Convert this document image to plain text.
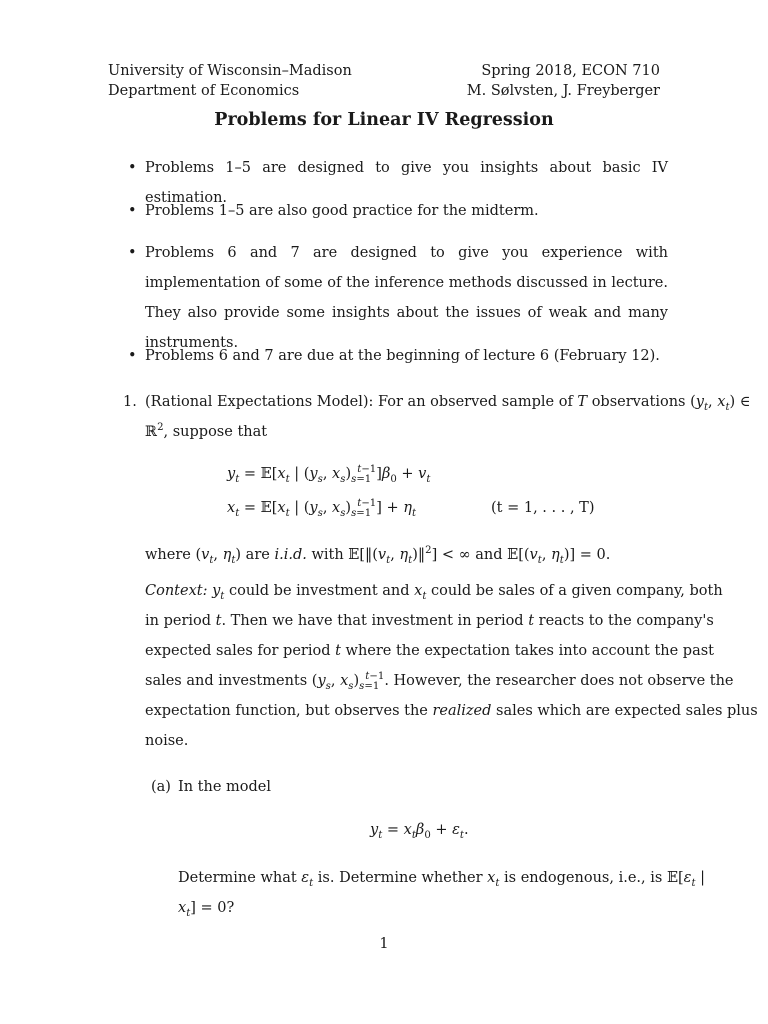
University of Wisconsin–Madison
Department of Economics
Spring 2018, ECON 710
M. Sølvsten, J. Freyberger
Problems for Linear IV Regression
• Problems 1–5 are designed to give you insights about basic IV estimation.
• Problems 1–5 are also good practice for the midterm.
• Problems 6 and 7 are designed to give you experience with implementation of some of the inference methods discussed in lecture. They also provide some insights about the issues of weak and many instruments.
• Problems 6 and 7 are due at the beginning of lecture 6 (February 12).
1. (Rational Expectations Model): For an observed sample of T observations ($y_t$, $x_t$) ∈
ℝ$^2$, suppose that
$y_t$ = $𝔼[x_t$ | ($y_s$, $x_s)_{s=1}^{t-1}]\beta_0 + v_t$
$x_t$ = $𝔼[x_t$ | ($y_s$, $x_s)_{s=1}^{t-1}] + \eta_t$	(t = 1, . . . , T)
where ($v_t$, $\eta_t$) are i.i.d. with $𝔼[‖(v_t$, $\eta_t)‖^2$] < ∞ and $𝔼[(v_t$, $\eta_t)] = 0$.
Context: $y_t$ could be investment and $x_t$ could be sales of a given company, both
in period t. Then we have that investment in period t reacts to the company's
expected sales for period t where the expectation takes into account the past
sales and investments ($y_s$, $x_s)_{s=1}^{t-1}$. However, the researcher does not observe the
expectation function, but observes the realized sales which are expected sales plus
noise.
(a) In the model
$y_t = x_t\beta_0 + \varepsilon_t$.
Determine what $\varepsilon_t$ is. Determine whether $x_t$ is endogenous, i.e., is $𝔼[\varepsilon_t$ |
$x_t] = 0$?
1
